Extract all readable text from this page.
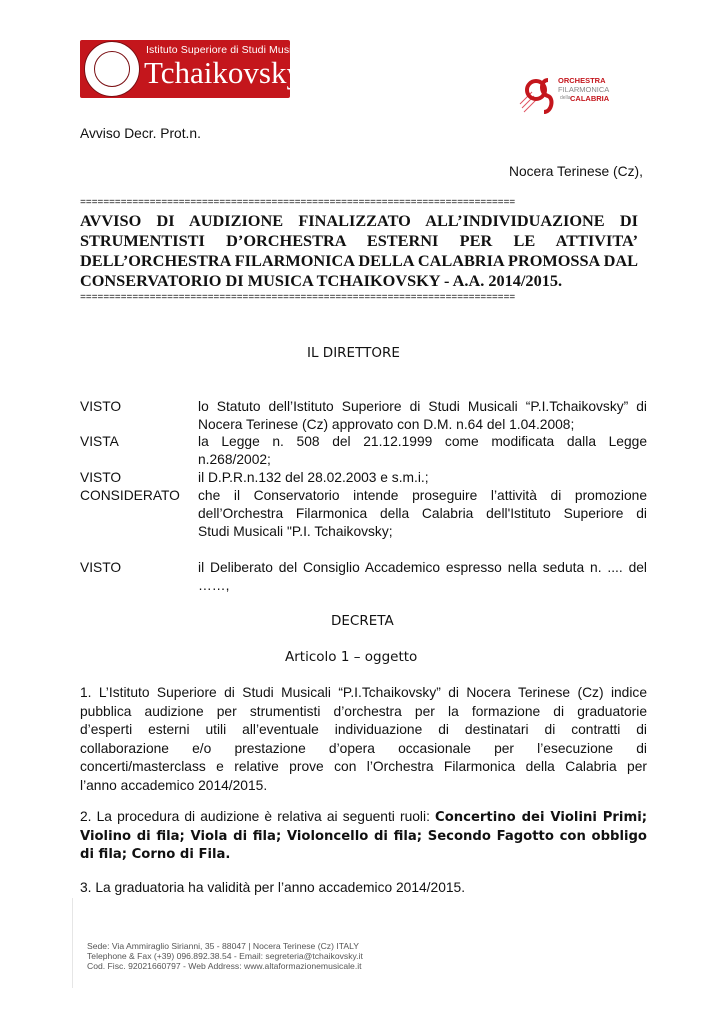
Istituto Superiore di Studi Musicali
Tchaikovsky	ORCHESTRA
FILARMONICA
della CALABRIA
Avviso Decr. Prot.n.
Nocera Terinese (Cz),
===========================================================================
AVVISO DI AUDIZIONE FINALIZZATO ALL’INDIVIDUAZIONE DI
STRUMENTISTI D’ORCHESTRA ESTERNI PER LE ATTIVITA’
DELL’ORCHESTRA FILARMONICA DELLA CALABRIA PROMOSSA DAL
CONSERVATORIO DI MUSICA TCHAIKOVSKY - A.A. 2014/2015.
===========================================================================
IL DIRETTORE
VISTO	lo Statuto dell’Istituto Superiore di Studi Musicali “P.I.Tchaikovsky” di
Nocera Terinese (Cz) approvato con D.M. n.64 del 1.04.2008;
VISTA	la Legge n. 508 del 21.12.1999 come modificata dalla Legge
n.268/2002;
VISTO	il D.P.R.n.132 del 28.02.2003 e s.m.i.;
CONSIDERATO che il Conservatorio intende proseguire l’attività di promozione
dell’Orchestra Filarmonica della Calabria dell'Istituto Superiore di
Studi Musicali "P.I. Tchaikovsky;
VISTO	il Deliberato del Consiglio Accademico espresso nella seduta n. .... del
……,
DECRETA
Articolo 1 – oggetto
1. L’Istituto Superiore di Studi Musicali “P.I.Tchaikovsky” di Nocera Terinese (Cz) indice
pubblica audizione per strumentisti d’orchestra per la formazione di graduatorie
d’esperti esterni utili all’eventuale individuazione di destinatari di contratti di
collaborazione e/o prestazione d’opera occasionale per l’esecuzione di
concerti/masterclass e relative prove con l’Orchestra Filarmonica della Calabria per
l’anno accademico 2014/2015.
2. La procedura di audizione è relativa ai seguenti ruoli: Concertino dei Violini Primi;
Violino di fila; Viola di fila; Violoncello di fila; Secondo Fagotto con obbligo
di fila; Corno di Fila.
3. La graduatoria ha validità per l’anno accademico 2014/2015.
Sede: Via Ammiraglio Sirianni, 35 - 88047 | Nocera Terinese (Cz) ITALY
Telephone & Fax (+39) 096.892.38.54 - Email: segreteria@tchaikovsky.it
Cod. Fisc. 92021660797 - Web Address: www.altaformazionemusicale.it
